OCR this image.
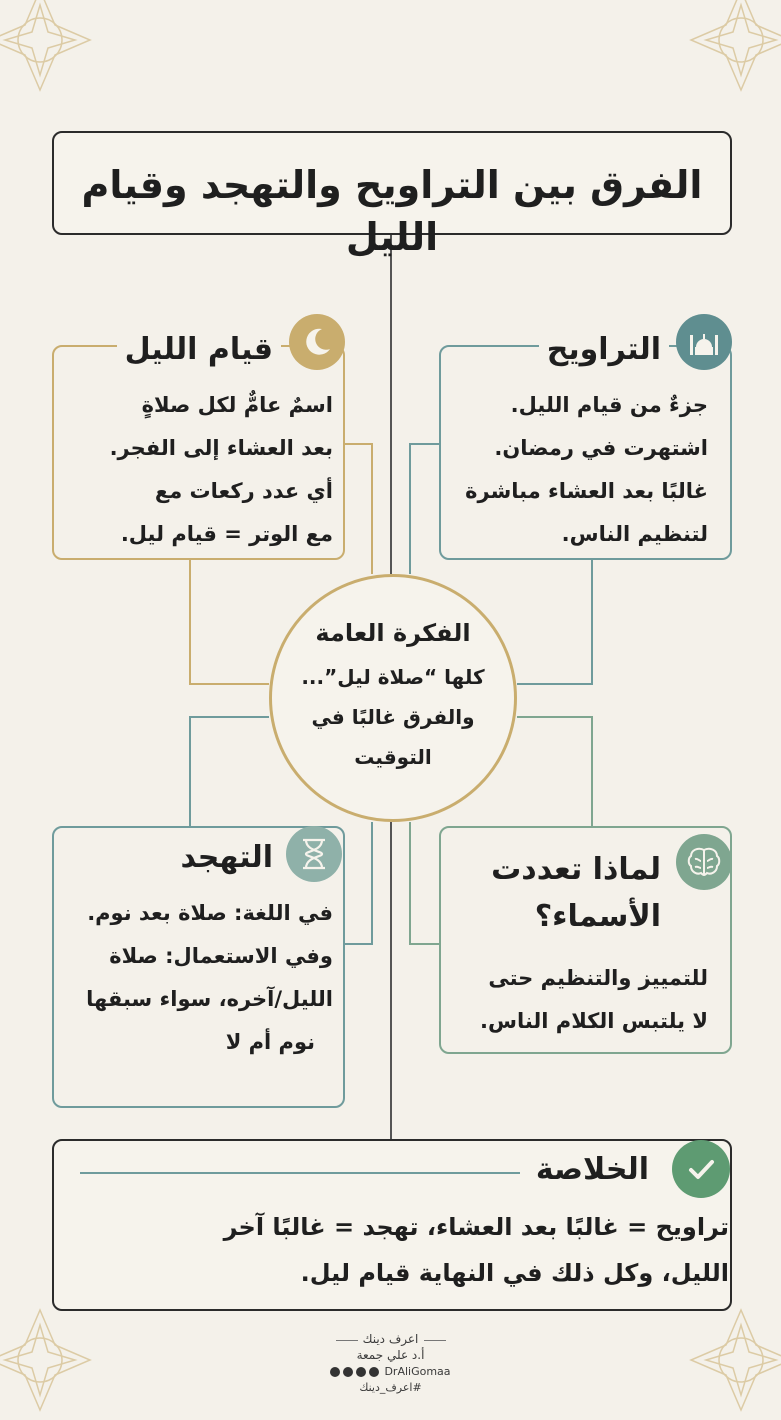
الفرق بين التراويح والتهجد وقيام الليل
قيام الليل
اسمٌ عامٌّ لكل صلاةٍ
بعد العشاء إلى الفجر.
أي عدد ركعات مع
مع الوتر = قيام ليل.
التراويح
جزءٌ من قيام الليل.
اشتهرت في رمضان.
غالبًا بعد العشاء مباشرة
لتنظيم الناس.
الفكرة العامة
كلها “صلاة ليل”...
والفرق غالبًا في
التوقيت
التهجد
في اللغة: صلاة بعد نوم.
وفي الاستعمال: صلاة
الليل/آخره، سواء سبقها
نوم أم لا
لماذا تعددت
الأسماء؟
للتمييز والتنظيم حتى
لا يلتبس الكلام الناس.
الخلاصة
تراويح = غالبًا بعد العشاء، تهجد = غالبًا آخر
الليل، وكل ذلك في النهاية قيام ليل.
اعرف دينك
أ.د علي جمعة
DrAliGomaa
#اعرف_دينك
